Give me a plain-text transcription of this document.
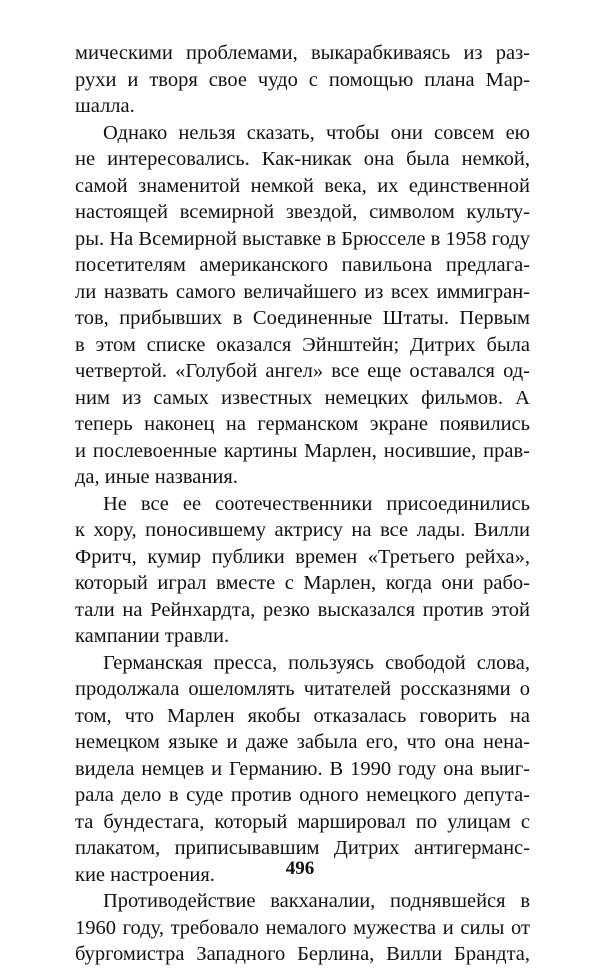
мическими проблемами, выкарабкиваясь из раз-
рухи и творя свое чудо с помощью плана Мар-
шалла.
Однако нельзя сказать, чтобы они совсем ею
не интересовались. Как-никак она была немкой,
самой знаменитой немкой века, их единственной
настоящей всемирной звездой, символом культу-
ры. На Всемирной выставке в Брюсселе в 1958 году
посетителям американского павильона предлага-
ли назвать самого величайшего из всех иммигран-
тов, прибывших в Соединенные Штаты. Первым
в этом списке оказался Эйнштейн; Дитрих была
четвертой. «Голубой ангел» все еще оставался од-
ним из самых известных немецких фильмов. А
теперь наконец на германском экране появились
и послевоенные картины Марлен, носившие, прав-
да, иные названия.
Не все ее соотечественники присоединились
к хору, поносившему актрису на все лады. Вилли
Фритч, кумир публики времен «Третьего рейха»,
который играл вместе с Марлен, когда они рабо-
тали на Рейнхардта, резко высказался против этой
кампании травли.
Германская пресса, пользуясь свободой слова,
продолжала ошеломлять читателей россказнями о
том, что Марлен якобы отказалась говорить на
немецком языке и даже забыла его, что она нена-
видела немцев и Германию. В 1990 году она выиг-
рала дело в суде против одного немецкого депута-
та бундестага, который маршировал по улицам с
плакатом, приписывавшим Дитрих антигерманс-
кие настроения.
Противодействие вакханалии, поднявшейся в
1960 году, требовало немалого мужества и силы от
бургомистра Западного Берлина, Вилли Брандта,
496
